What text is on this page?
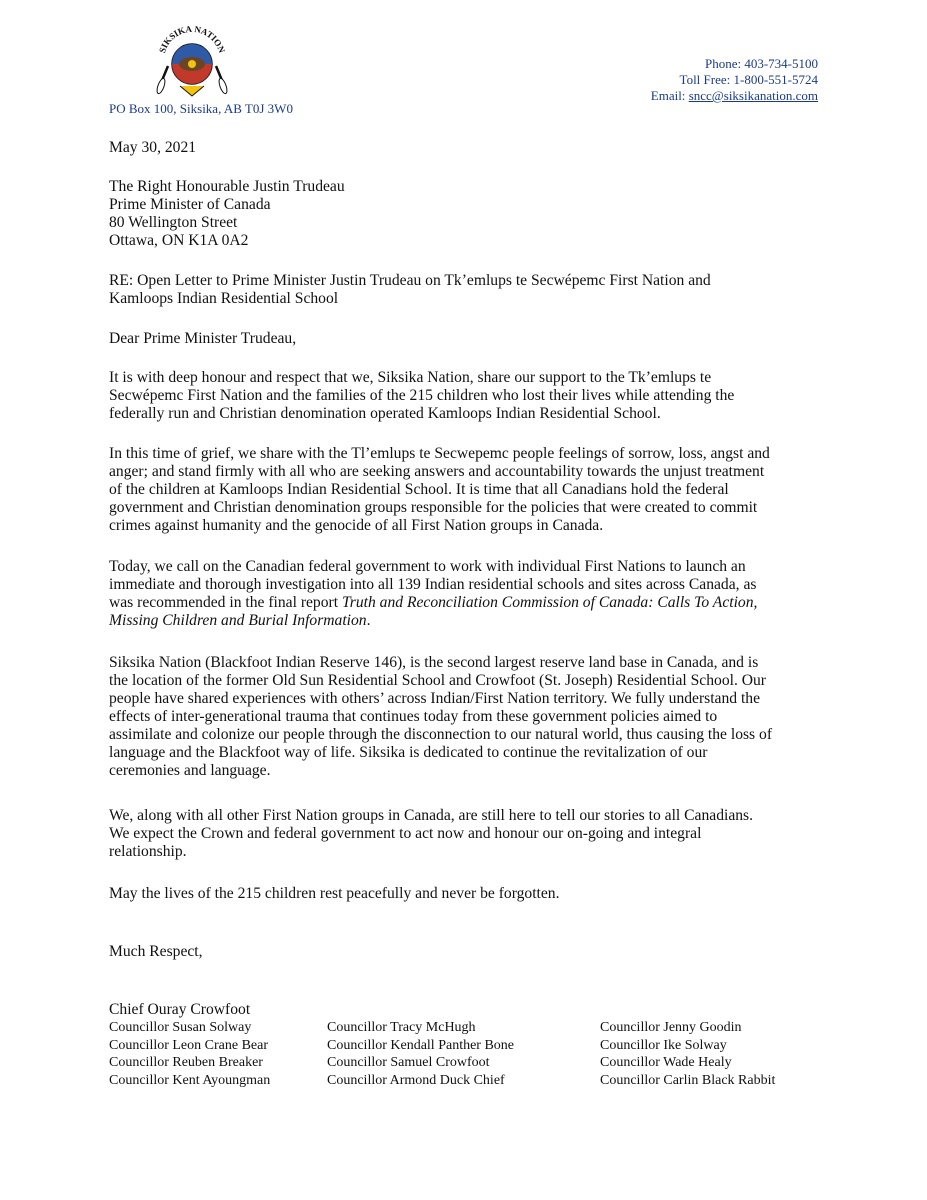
SIKSIKA NATION
Phone: 403-734-5100
Toll Free: 1-800-551-5724
Email: sncc@siksikanation.com
PO Box 100, Siksika, AB T0J 3W0
May 30, 2021
The Right Honourable Justin Trudeau
Prime Minister of Canada
80 Wellington Street
Ottawa, ON K1A 0A2
RE: Open Letter to Prime Minister Justin Trudeau on Tk’emlups te Secwépemc First Nation and
Kamloops Indian Residential School
Dear Prime Minister Trudeau,
It is with deep honour and respect that we, Siksika Nation, share our support to the Tk’emlups te
Secwépemc First Nation and the families of the 215 children who lost their lives while attending the
federally run and Christian denomination operated Kamloops Indian Residential School.
In this time of grief, we share with the Tl’emlups te Secwepemc people feelings of sorrow, loss, angst and
anger; and stand firmly with all who are seeking answers and accountability towards the unjust treatment
of the children at Kamloops Indian Residential School. It is time that all Canadians hold the federal
government and Christian denomination groups responsible for the policies that were created to commit
crimes against humanity and the genocide of all First Nation groups in Canada.
Today, we call on the Canadian federal government to work with individual First Nations to launch an
immediate and thorough investigation into all 139 Indian residential schools and sites across Canada, as
was recommended in the final report Truth and Reconciliation Commission of Canada: Calls To Action,
Missing Children and Burial Information.
Siksika Nation (Blackfoot Indian Reserve 146), is the second largest reserve land base in Canada, and is
the location of the former Old Sun Residential School and Crowfoot (St. Joseph) Residential School. Our
people have shared experiences with others’ across Indian/First Nation territory. We fully understand the
effects of inter-generational trauma that continues today from these government policies aimed to
assimilate and colonize our people through the disconnection to our natural world, thus causing the loss of
language and the Blackfoot way of life. Siksika is dedicated to continue the revitalization of our
ceremonies and language.
We, along with all other First Nation groups in Canada, are still here to tell our stories to all Canadians.
We expect the Crown and federal government to act now and honour our on-going and integral
relationship.
May the lives of the 215 children rest peacefully and never be forgotten.
Much Respect,
Chief Ouray Crowfoot
Councillor Susan Solway
Councillor Leon Crane Bear
Councillor Reuben Breaker
Councillor Kent Ayoungman
Councillor Tracy McHugh
Councillor Kendall Panther Bone
Councillor Samuel Crowfoot
Councillor Armond Duck Chief
Councillor Jenny Goodin
Councillor Ike Solway
Councillor Wade Healy
Councillor Carlin Black Rabbit
